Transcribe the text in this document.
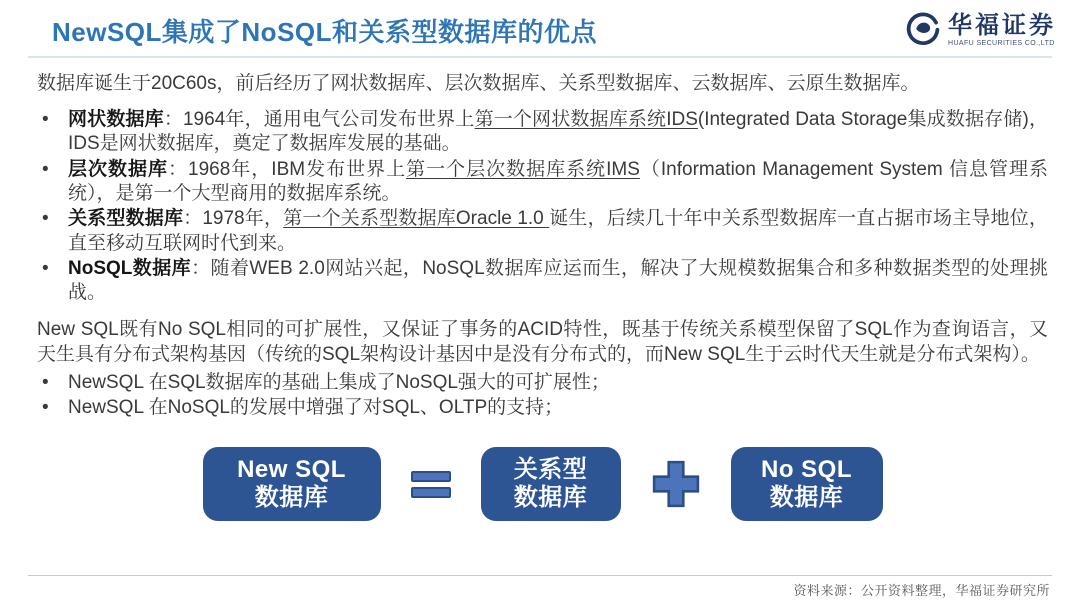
NewSQL集成了NoSQL和关系型数据库的优点	华福证券
HUAFU SECURITIES CO.,LTD

数据库诞生于20C60s，前后经历了网状数据库、层次数据库、关系型数据库、云数据库、云原生数据库。

•	网状数据库：1964年，通用电气公司发布世界上第一个网状数据库系统IDS(Integrated Data Storage集成数据存储)，IDS是网状数据库，奠定了数据库发展的基础。
•	层次数据库：1968年，IBM发布世界上第一个层次数据库系统IMS（Information Management System 信息管理系统），是第一个大型商用的数据库系统。
•	关系型数据库：1978年，第一个关系型数据库Oracle 1.0 诞生，后续几十年中关系型数据库一直占据市场主导地位，直至移动互联网时代到来。
•	NoSQL数据库：随着WEB 2.0网站兴起，NoSQL数据库应运而生，解决了大规模数据集合和多种数据类型的处理挑战。

New SQL既有No SQL相同的可扩展性，又保证了事务的ACID特性，既基于传统关系模型保留了SQL作为查询语言，又天生具有分布式架构基因（传统的SQL架构设计基因中是没有分布式的，而New SQL生于云时代天生就是分布式架构）。

•	NewSQL 在SQL数据库的基础上集成了NoSQL强大的可扩展性；
•	NewSQL 在NoSQL的发展中增强了对SQL、OLTP的支持；
New SQL
数据库
关系型
数据库
No SQL
数据库
资料来源：公开资料整理，华福证券研究所
